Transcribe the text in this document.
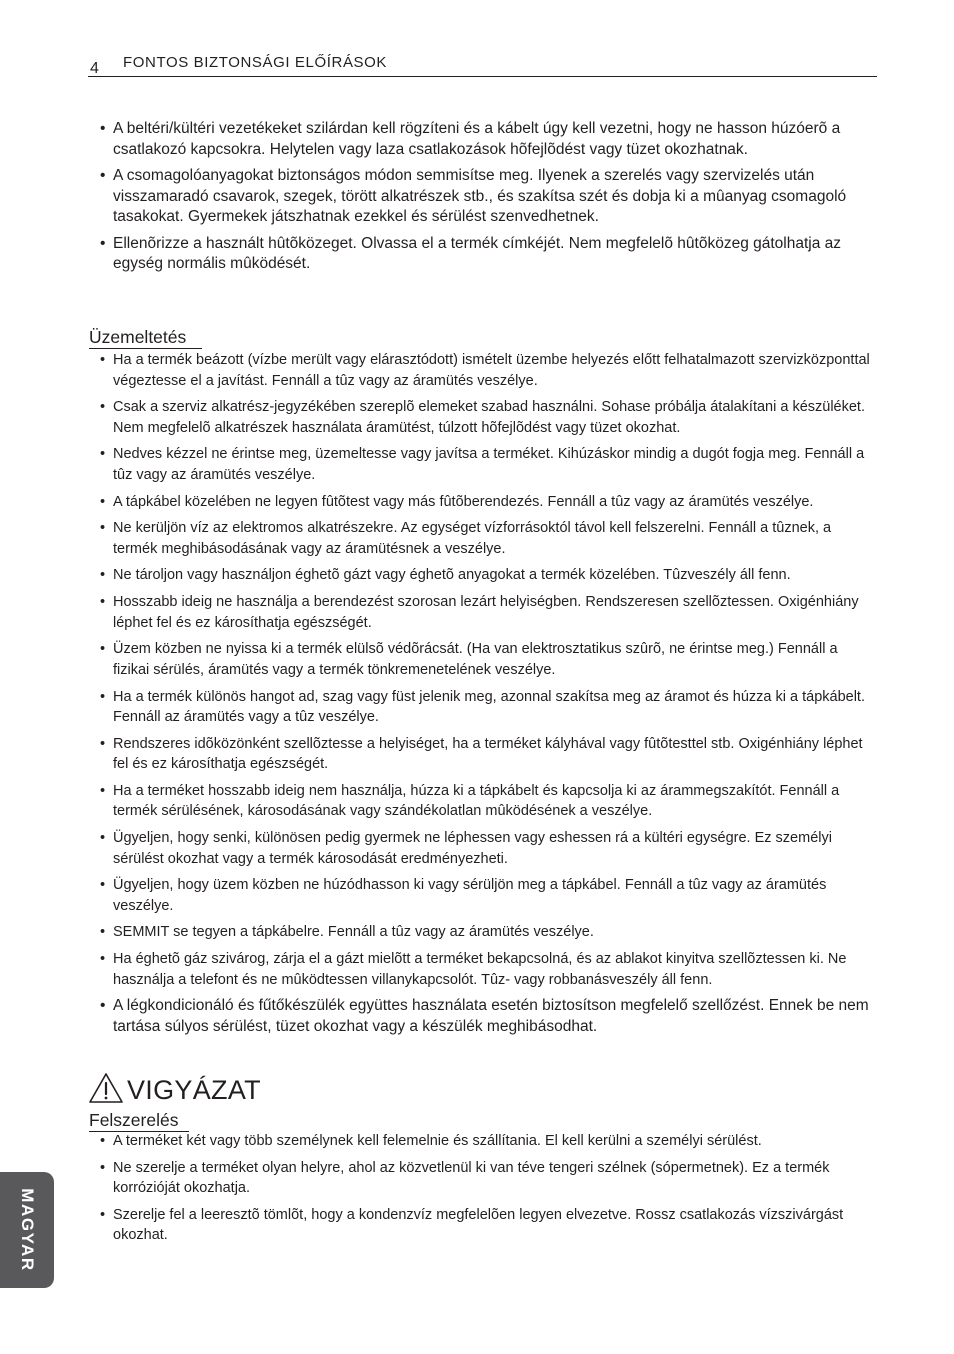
4 FONTOS BIZTONSÁGI ELŐÍRÁSOK
• A beltéri/kültéri vezetékeket szilárdan kell rögzíteni és a kábelt úgy kell vezetni, hogy ne hasson húzóerõ a csatlakozó kapcsokra. Helytelen vagy laza csatlakozások hõfejlõdést vagy tüzet okozhatnak.
• A csomagolóanyagokat biztonságos módon semmisítse meg. Ilyenek a szerelés vagy szervizelés után visszamaradó csavarok, szegek, törött alkatrészek stb., és szakítsa szét és dobja ki a mûanyag csomagoló tasakokat. Gyermekek játszhatnak ezekkel és sérülést szenvedhetnek.
• Ellenõrizze a használt hûtõközeget. Olvassa el a termék címkéjét. Nem megfelelõ hûtõközeg gátolhatja az egység normális mûködését.
Üzemeltetés
• Ha a termék beázott (vízbe merült vagy elárasztódott) ismételt üzembe helyezés előtt felhatalmazott szervizközponttal végeztesse el a javítást. Fennáll a tûz vagy az áramütés veszélye.
• Csak a szerviz alkatrész-jegyzékében szereplõ elemeket szabad használni. Sohase próbálja átalakítani a készüléket. Nem megfelelõ alkatrészek használata áramütést, túlzott hõfejlõdést vagy tüzet okozhat.
• Nedves kézzel ne érintse meg, üzemeltesse vagy javítsa a terméket. Kihúzáskor mindig a dugót fogja meg. Fennáll a tûz vagy az áramütés veszélye.
• A tápkábel közelében ne legyen fûtõtest vagy más fûtõberendezés. Fennáll a tûz vagy az áramütés veszélye.
• Ne kerüljön víz az elektromos alkatrészekre. Az egységet vízforrásoktól távol kell felszerelni. Fennáll a tûznek, a termék meghibásodásának vagy az áramütésnek a veszélye.
• Ne tároljon vagy használjon éghetõ gázt vagy éghetõ anyagokat a termék közelében. Tûzveszély áll fenn.
• Hosszabb ideig ne használja a berendezést szorosan lezárt helyiségben. Rendszeresen szellõztessen. Oxigénhiány léphet fel és ez károsíthatja egészségét.
• Üzem közben ne nyissa ki a termék elülsõ védõrácsát. (Ha van elektrosztatikus szûrõ, ne érintse meg.) Fennáll a fizikai sérülés, áramütés vagy a termék tönkremenetelének veszélye.
• Ha a termék különös hangot ad, szag vagy füst jelenik meg, azonnal szakítsa meg az áramot és húzza ki a tápkábelt. Fennáll az áramütés vagy a tûz veszélye.
• Rendszeres idõközönként szellõztesse a helyiséget, ha a terméket kályhával vagy fûtõtesttel stb. Oxigénhiány léphet fel és ez károsíthatja egészségét.
• Ha a terméket hosszabb ideig nem használja, húzza ki a tápkábelt és kapcsolja ki az árammegszakítót. Fennáll a termék sérülésének, károsodásának vagy szándékolatlan mûködésének a veszélye.
• Ügyeljen, hogy senki, különösen pedig gyermek ne léphessen vagy eshessen rá a kültéri egységre. Ez személyi sérülést okozhat vagy a termék károsodását eredményezheti.
• Ügyeljen, hogy üzem közben ne húzódhasson ki vagy sérüljön meg a tápkábel. Fennáll a tûz vagy az áramütés veszélye.
• SEMMIT se tegyen a tápkábelre. Fennáll a tûz vagy az áramütés veszélye.
• Ha éghetõ gáz szivárog, zárja el a gázt mielõtt a terméket bekapcsolná, és az ablakot kinyitva szellõztessen ki. Ne használja a telefont és ne mûködtessen villanykapcsolót. Tûz- vagy robbanásveszély áll fenn.
• A légkondicionáló és fűtőkészülék együttes használata esetén biztosítson megfelelő szellőzést. Ennek be nem tartása súlyos sérülést, tüzet okozhat vagy a készülék meghibásodhat.
VIGYÁZAT
Felszerelés
• A terméket két vagy több személynek kell felemelnie és szállítania. El kell kerülni a személyi sérülést.
• Ne szerelje a terméket olyan helyre, ahol az közvetlenül ki van téve tengeri szélnek (sópermetnek). Ez a termék korrózióját okozhatja.
• Szerelje fel a leeresztõ tömlõt, hogy a kondenzvíz megfelelõen legyen elvezetve. Rossz csatlakozás vízszivárgást okozhat.
MAGYAR
